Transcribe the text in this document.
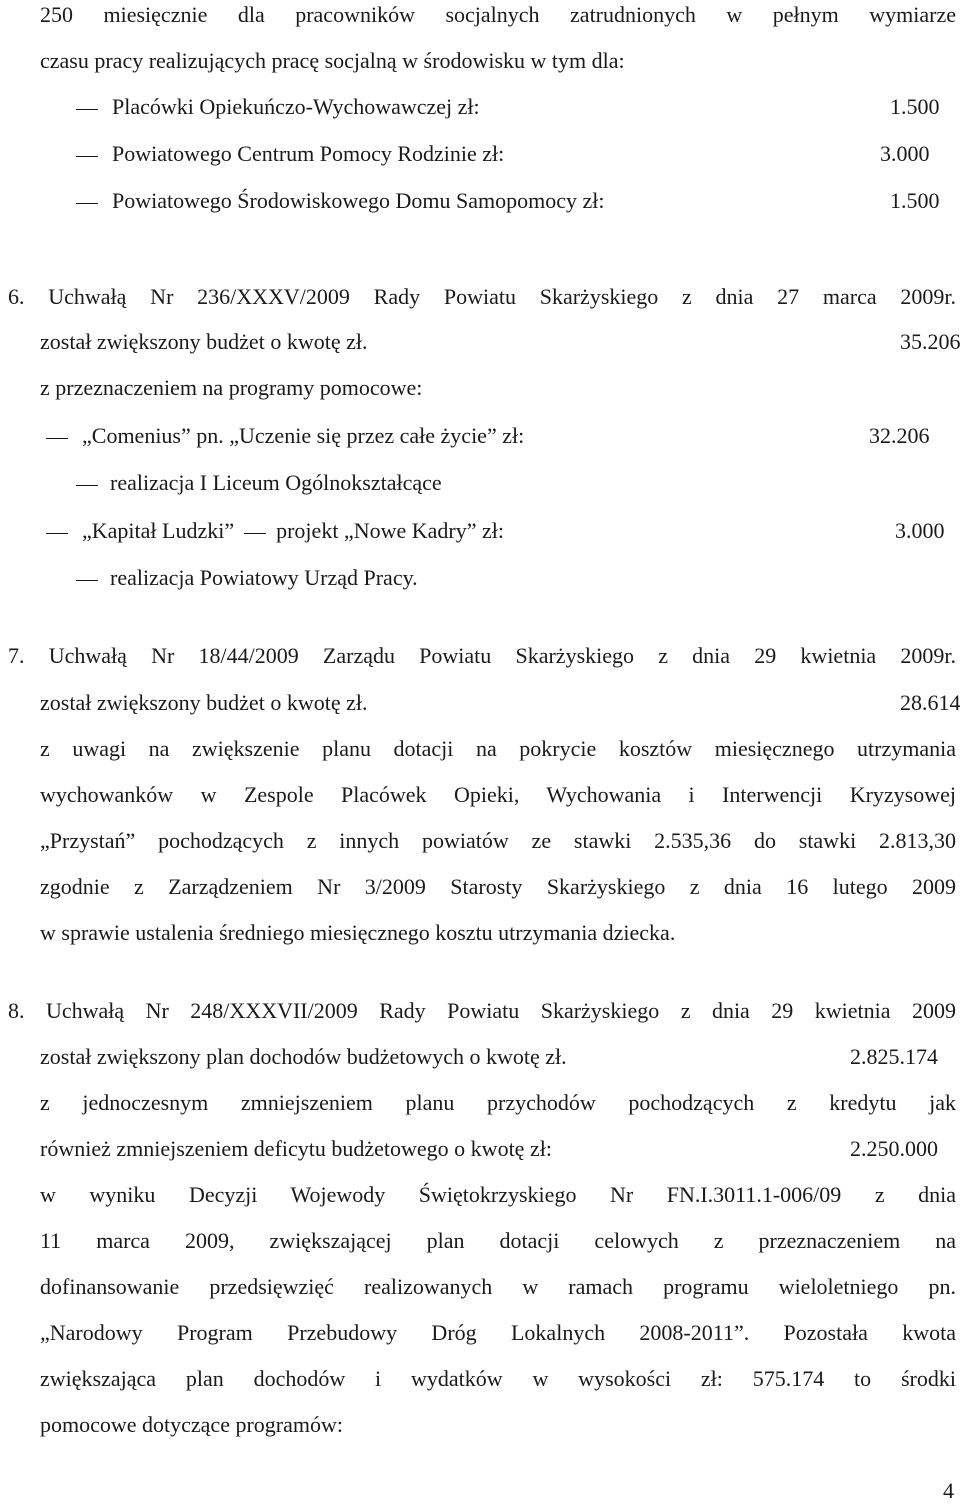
250 miesięcznie dla pracowników socjalnych zatrudnionych w pełnym wymiarze
czasu pracy realizujących pracę socjalną w środowisku w tym dla:
Placówki Opiekuńczo-Wychowawczej zł:	1.500
Powiatowego Centrum Pomocy Rodzinie zł:	3.000
Powiatowego Środowiskowego Domu Samopomocy zł:	1.500
6. Uchwałą Nr 236/XXXV/2009 Rady Powiatu Skarżyskiego z dnia 27 marca 2009r.
został zwiększony budżet o kwotę zł.	35.206
z przeznaczeniem na programy pomocowe:
„Comenius” pn. „Uczenie się przez całe życie” zł:	32.206
realizacja I Liceum Ogólnokształcące
„Kapitał Ludzki” projekt „Nowe Kadry” zł:	3.000
realizacja Powiatowy Urząd Pracy.
7. Uchwałą Nr 18/44/2009 Zarządu Powiatu Skarżyskiego z dnia 29 kwietnia 2009r.
został zwiększony budżet o kwotę zł.	28.614
z uwagi na zwiększenie planu dotacji na pokrycie kosztów miesięcznego utrzymania
wychowanków w Zespole Placówek Opieki, Wychowania i Interwencji Kryzysowej
„Przystań” pochodzących z innych powiatów ze stawki 2.535,36 do stawki 2.813,30
zgodnie z Zarządzeniem Nr 3/2009 Starosty Skarżyskiego z dnia 16 lutego 2009
w sprawie ustalenia średniego miesięcznego kosztu utrzymania dziecka.
8. Uchwałą Nr 248/XXXVII/2009 Rady Powiatu Skarżyskiego z dnia 29 kwietnia 2009
został zwiększony plan dochodów budżetowych o kwotę zł.	2.825.174
z jednoczesnym zmniejszeniem planu przychodów pochodzących z kredytu jak
również zmniejszeniem deficytu budżetowego o kwotę zł:	2.250.000
w wyniku Decyzji Wojewody Świętokrzyskiego Nr FN.I.3011.1-006/09 z dnia
11 marca 2009, zwiększającej plan dotacji celowych z przeznaczeniem na
dofinansowanie przedsięwzięć realizowanych w ramach programu wieloletniego pn.
„Narodowy Program Przebudowy Dróg Lokalnych 2008-2011”. Pozostała kwota
zwiększająca plan dochodów i wydatków w wysokości zł: 575.174 to środki
pomocowe dotyczące programów:
4
